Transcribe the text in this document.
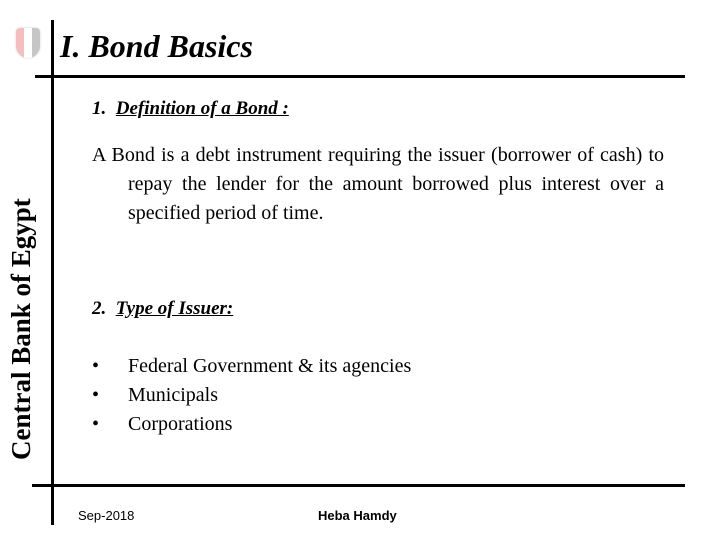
Central Bank of Egypt
I. Bond Basics
1. Definition of a Bond :
A Bond is a debt instrument requiring the issuer (borrower of cash) to repay the lender for the amount borrowed plus interest over a specified period of time.
2. Type of Issuer:
• Federal Government & its agencies
• Municipals
• Corporations
Sep-2018	Heba Hamdy
